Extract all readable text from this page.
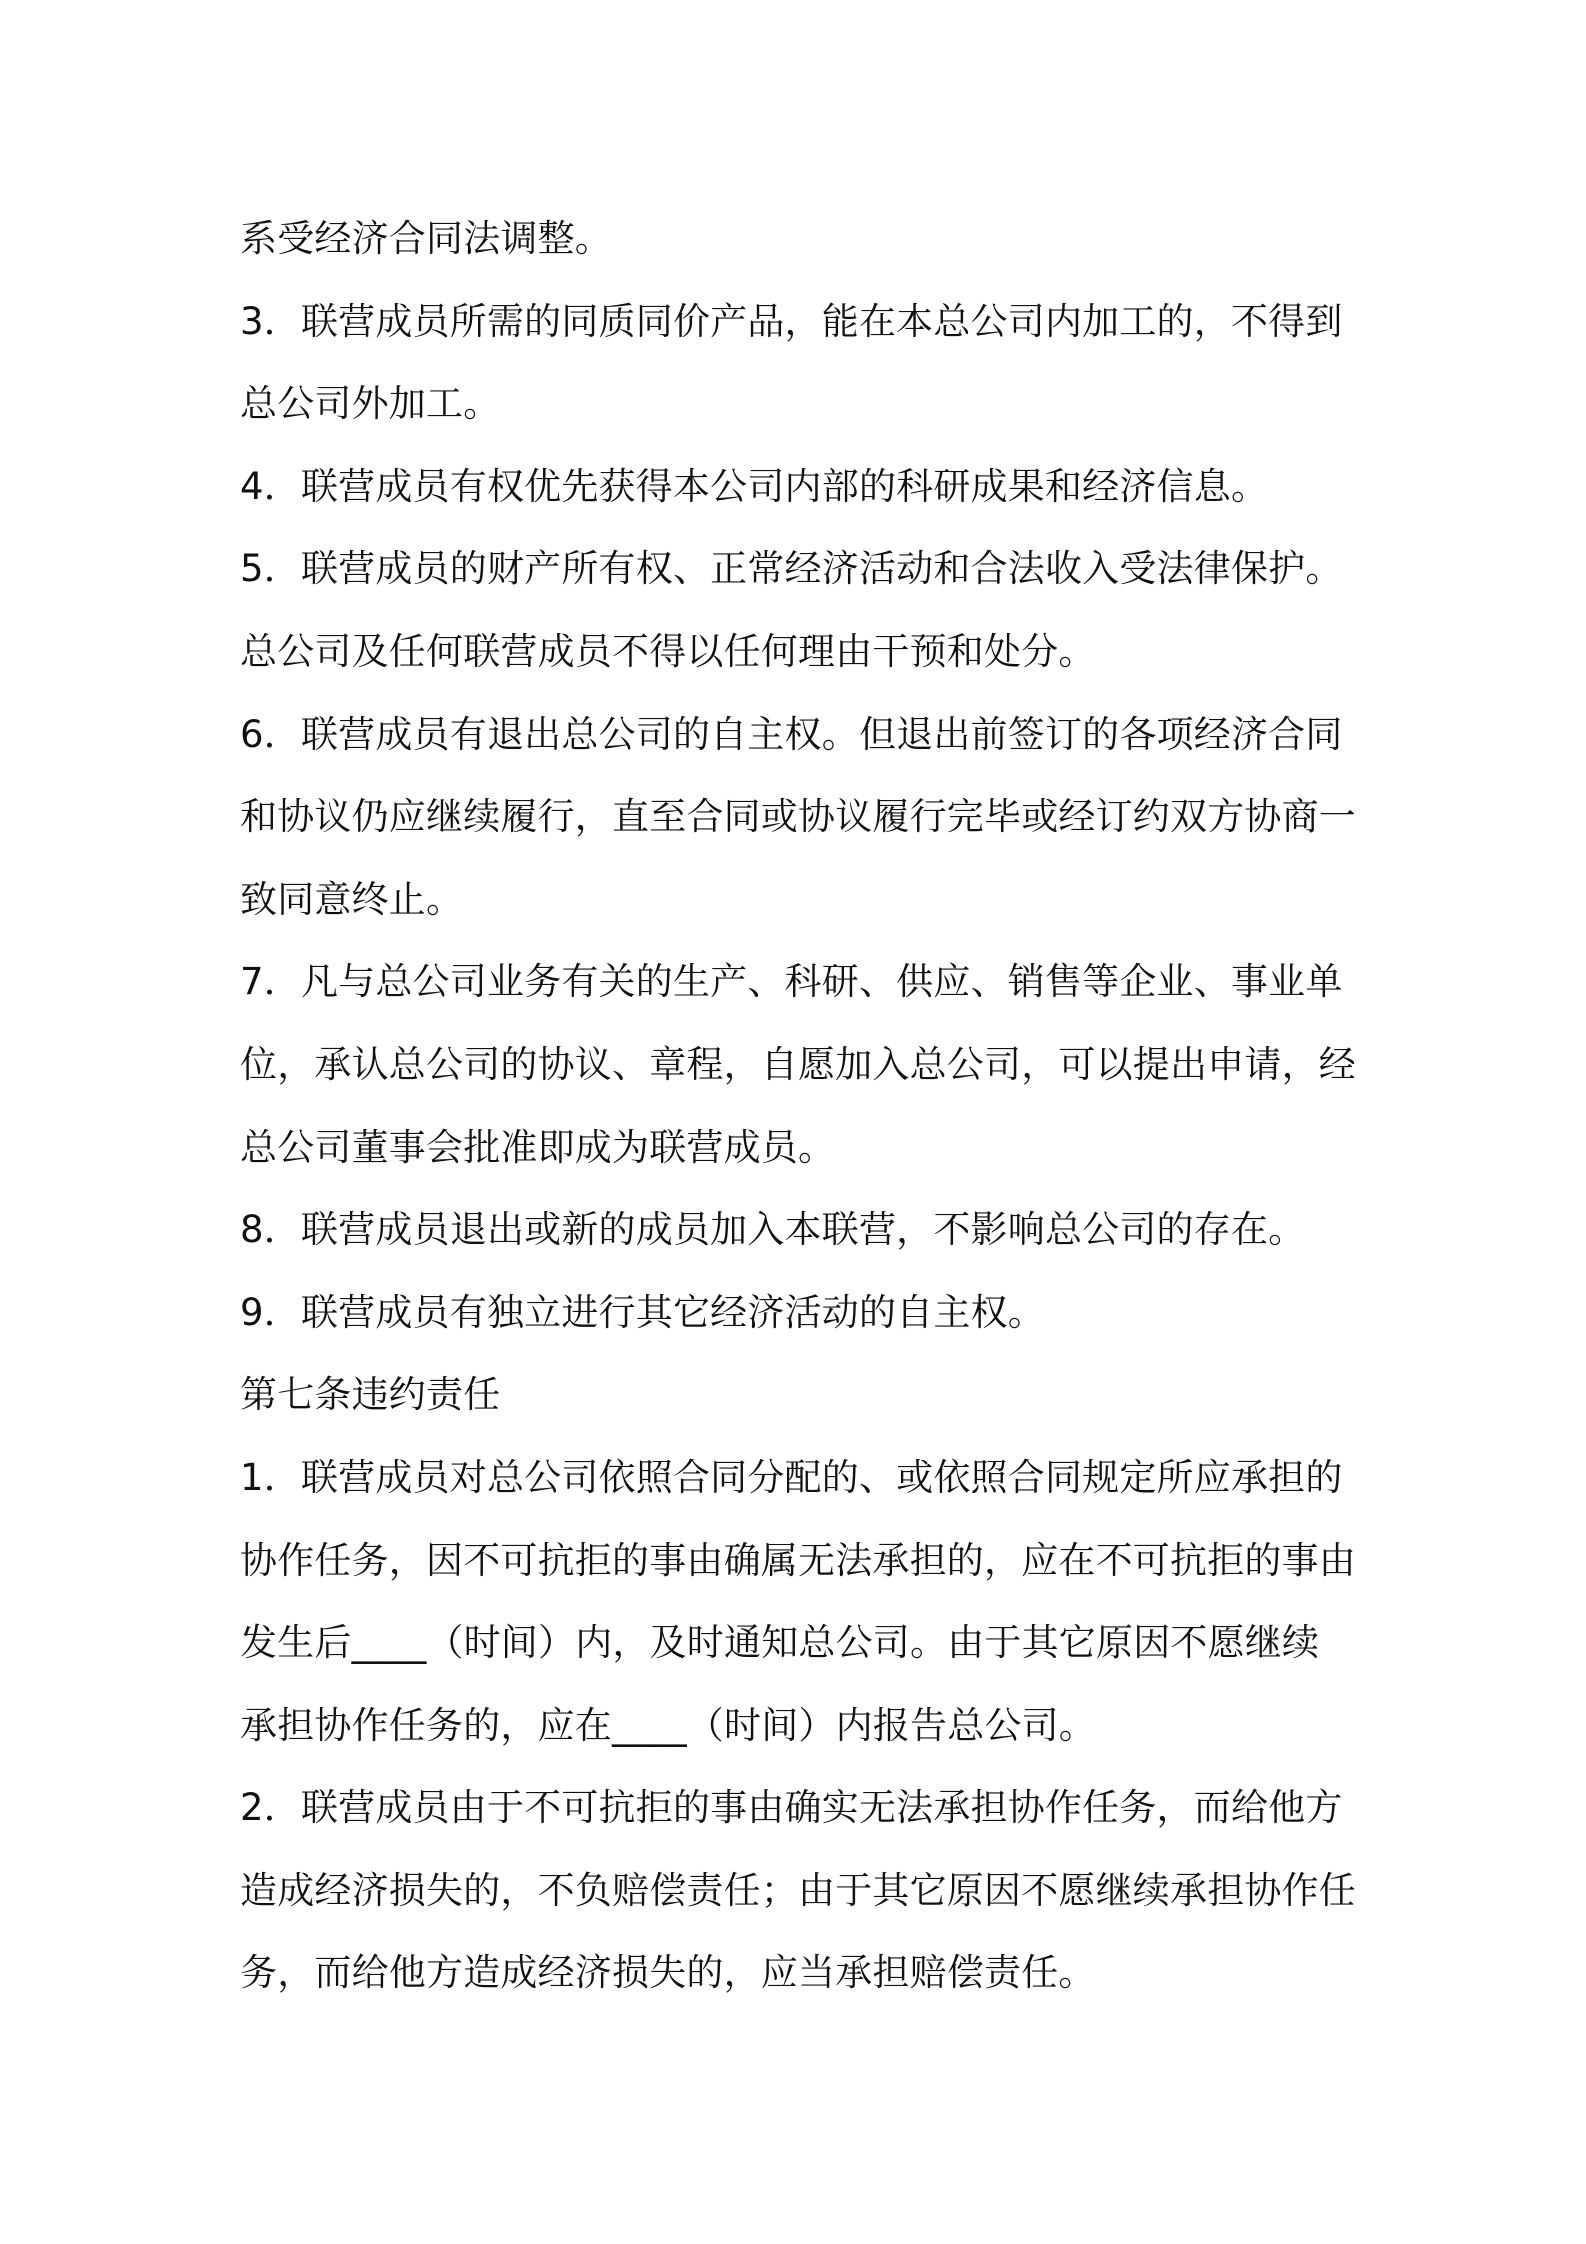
系受经济合同法调整。
3．联营成员所需的同质同价产品，能在本总公司内加工的，不得到
总公司外加工。
4．联营成员有权优先获得本公司内部的科研成果和经济信息。
5．联营成员的财产所有权、正常经济活动和合法收入受法律保护。
总公司及任何联营成员不得以任何理由干预和处分。
6．联营成员有退出总公司的自主权。但退出前签订的各项经济合同
和协议仍应继续履行，直至合同或协议履行完毕或经订约双方协商一
致同意终止。
7．凡与总公司业务有关的生产、科研、供应、销售等企业、事业单
位，承认总公司的协议、章程，自愿加入总公司，可以提出申请，经
总公司董事会批准即成为联营成员。
8．联营成员退出或新的成员加入本联营，不影响总公司的存在。
9．联营成员有独立进行其它经济活动的自主权。
第七条违约责任
1．联营成员对总公司依照合同分配的、或依照合同规定所应承担的
协作任务，因不可抗拒的事由确属无法承担的，应在不可抗拒的事由
发生后____（时间）内，及时通知总公司。由于其它原因不愿继续
承担协作任务的，应在____（时间）内报告总公司。
2．联营成员由于不可抗拒的事由确实无法承担协作任务，而给他方
造成经济损失的，不负赔偿责任；由于其它原因不愿继续承担协作任
务，而给他方造成经济损失的，应当承担赔偿责任。
